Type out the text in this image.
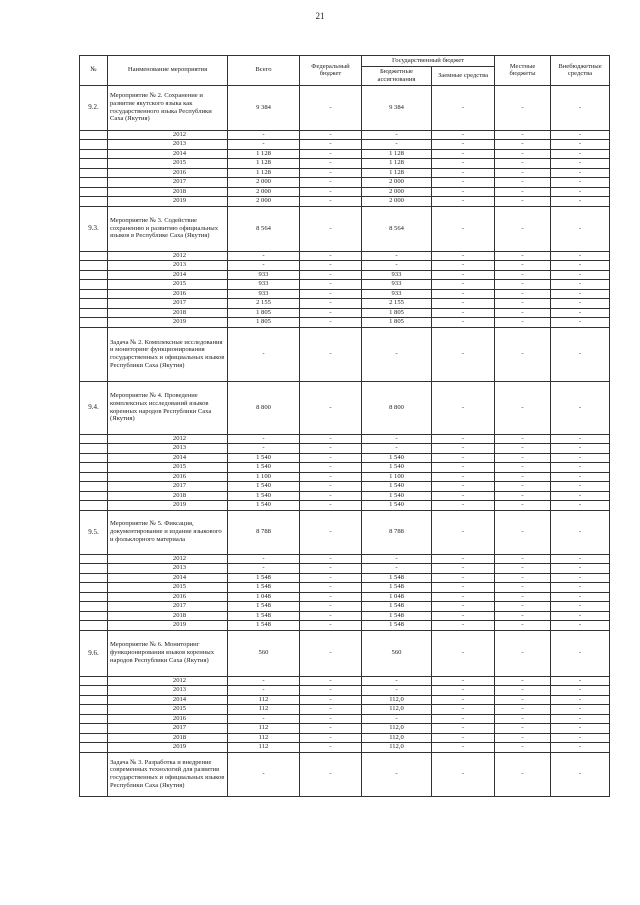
21
№	Наименование мероприятия	Всего	Федеральный бюджет	Государственный бюджет		Местные бюджеты	Внебюджетные средства
				Бюджетные ассигнования	Заемные средства		
9.2.	Мероприятие № 2. Сохранение и развитие якутского языка как государственного языка Республики Саха (Якутия)	9 384	-	9 384	-	-	-
	2012	-	-	-	-	-	-
	2013	-	-	-	-	-	-
	2014	1 128	-	1 128	-	-	-
	2015	1 128	-	1 128	-	-	-
	2016	1 128	-	1 128	-	-	-
	2017	2 000	-	2 000	-	-	-
	2018	2 000	-	2 000	-	-	-
	2019	2 000	-	2 000	-	-	-
9.3.	Мероприятие № 3. Содействие сохранению и развитию официальных языков в Республике Саха (Якутия)	8 564	-	8 564	-	-	-
	2012	-	-	-	-	-	-
	2013	-	-	-	-	-	-
	2014	933	-	933	-	-	-
	2015	933	-	933	-	-	-
	2016	933	-	933	-	-	-
	2017	2 155	-	2 155	-	-	-
	2018	1 805	-	1 805	-	-	-
	2019	1 805	-	1 805	-	-	-
	Задача № 2. Комплексные исследования и мониторинг функционирования государственных и официальных языков Республики Саха (Якутия)	-	-	-	-	-	-
9.4.	Мероприятие № 4. Проведение комплексных исследований языков коренных народов Республики Саха (Якутия)	8 800	-	8 800	-	-	-
	2012	-	-	-	-	-	-
	2013	-	-	-	-	-	-
	2014	1 540	-	1 540	-	-	-
	2015	1 540	-	1 540	-	-	-
	2016	1 100	-	1 100	-	-	-
	2017	1 540	-	1 540	-	-	-
	2018	1 540	-	1 540	-	-	-
	2019	1 540	-	1 540	-	-	-
9.5.	Мероприятие № 5. Фиксация, документирование и издание языкового и фольклорного материала	8 788	-	8 788	-	-	-
	2012	-	-	-	-	-	-
	2013	-	-	-	-	-	-
	2014	1 548	-	1 548	-	-	-
	2015	1 548	-	1 548	-	-	-
	2016	1 048	-	1 048	-	-	-
	2017	1 548	-	1 548	-	-	-
	2018	1 548	-	1 548	-	-	-
	2019	1 548	-	1 548	-	-	-
9.6.	Мероприятие № 6. Мониторинг функционирования языков коренных народов Республики Саха (Якутия)	560	-	560	-	-	-
	2012	-	-	-	-	-	-
	2013	-	-	-	-	-	-
	2014	112	-	112,0	-	-	-
	2015	112	-	112,0	-	-	-
	2016	-	-	-	-	-	-
	2017	112	-	112,0	-	-	-
	2018	112	-	112,0	-	-	-
	2019	112	-	112,0	-	-	-
	Задача № 3. Разработка и внедрение современных технологий для развития государственных и официальных языков Республики Саха (Якутия)	-	-	-	-	-	-
